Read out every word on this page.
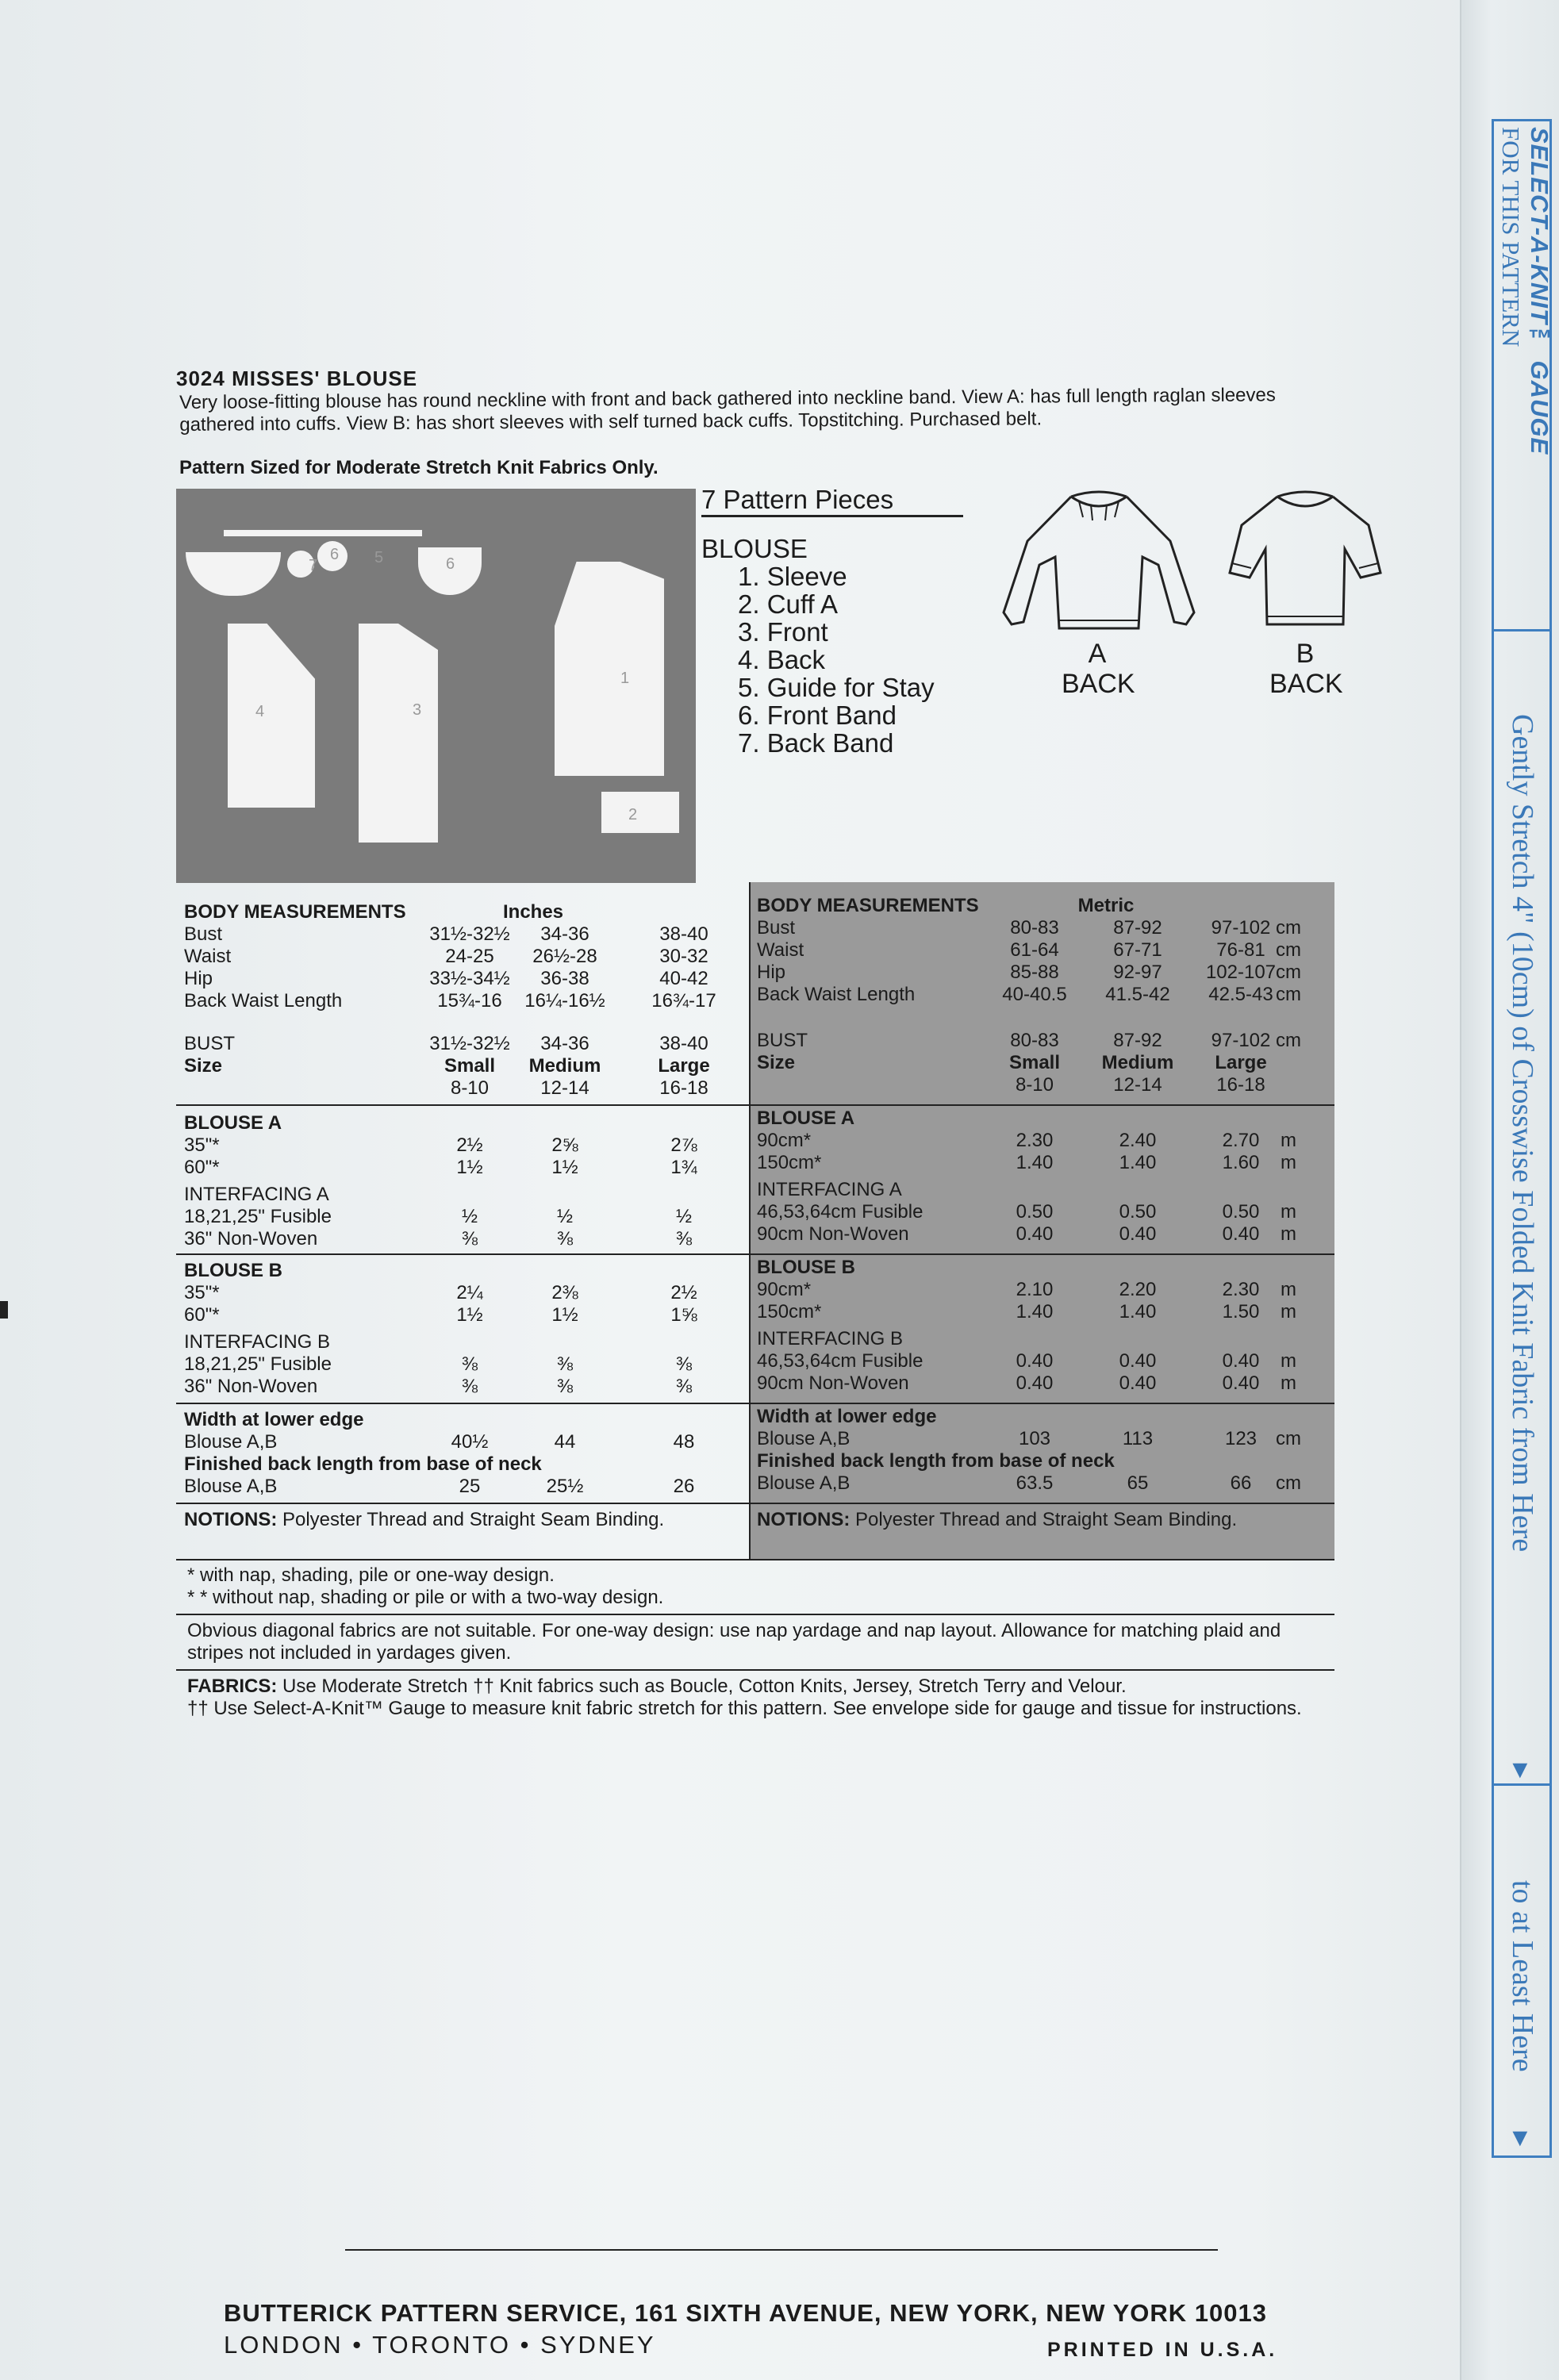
SELECT-A-KNIT™ GAUGE
FOR THIS PATTERN
Gently Stretch 4" (10cm) of Crosswise Folded Knit Fabric from Here
▼
to at Least Here
▼
3024 MISSES' BLOUSE
Very loose-fitting blouse has round neckline with front and back gathered into neckline band. View A: has full length raglan sleeves gathered into cuffs. View B: has short sleeves with self turned back cuffs. Topstitching. Purchased belt.
Pattern Sized for Moderate Stretch Knit Fabrics Only.
7
6 5	6
4	3
1
2
7 Pattern Pieces
BLOUSE
1. Sleeve
2. Cuff A
3. Front
4. Back
5. Guide for Stay
6. Front Band
7. Back Band
A
BACK
B
BACK
BODY MEASUREMENTS	Inches
Bust	31½-32½	34-36	38-40
Waist	24-25	26½-28	30-32
Hip	33½-34½	36-38	40-42
Back Waist Length	15¾-16	16¼-16½	16¾-17
BUST	31½-32½	34-36	38-40
Size	Small	Medium	Large
8-10	12-14	16-18
BLOUSE A
35"*	2½	2⅝	2⅞
60"*	1½	1½	1¾
INTERFACING A
18,21,25" Fusible	½	½	½
36" Non-Woven	⅜	⅜	⅜
BLOUSE B
35"*	2¼	2⅜	2½
60"*	1½	1½	1⅝
INTERFACING B
18,21,25" Fusible	⅜	⅜	⅜
36" Non-Woven	⅜	⅜	⅜
Width at lower edge
Blouse A,B	40½	44	48
Finished back length from base of neck
Blouse A,B	25	25½	26
NOTIONS: Polyester Thread and Straight Seam Binding.
BODY MEASUREMENTS	Metric
Bust	80-83	87-92	97-102 cm
Waist	61-64	67-71	76-81 cm
Hip	85-88	92-97	102-107 cm
Back Waist Length	40-40.5	41.5-42	42.5-43 cm
BUST	80-83	87-92	97-102 cm
Size	Small	Medium	Large
8-10	12-14	16-18
BLOUSE A
90cm*	2.30	2.40	2.70	m
150cm*	1.40	1.40	1.60	m
INTERFACING A
46,53,64cm Fusible	0.50	0.50	0.50	m
90cm Non-Woven	0.40	0.40	0.40	m
BLOUSE B
90cm*	2.10	2.20	2.30	m
150cm*	1.40	1.40	1.50	m
INTERFACING B
46,53,64cm Fusible	0.40	0.40	0.40	m
90cm Non-Woven	0.40	0.40	0.40	m
Width at lower edge
Blouse A,B	103	113	123 cm
Finished back length from base of neck
Blouse A,B	63.5	65	66	cm
NOTIONS: Polyester Thread and Straight Seam Binding.
* with nap, shading, pile or one-way design.
* * without nap, shading or pile or with a two-way design.
Obvious diagonal fabrics are not suitable. For one-way design: use nap yardage and nap layout. Allowance for matching plaid and stripes not included in yardages given.
FABRICS: Use Moderate Stretch †† Knit fabrics such as Boucle, Cotton Knits, Jersey, Stretch Terry and Velour.
†† Use Select-A-Knit™ Gauge to measure knit fabric stretch for this pattern. See envelope side for gauge and tissue for instructions.
BUTTERICK PATTERN SERVICE, 161 SIXTH AVENUE, NEW YORK, NEW YORK 10013
LONDON • TORONTO • SYDNEY	PRINTED IN U.S.A.
